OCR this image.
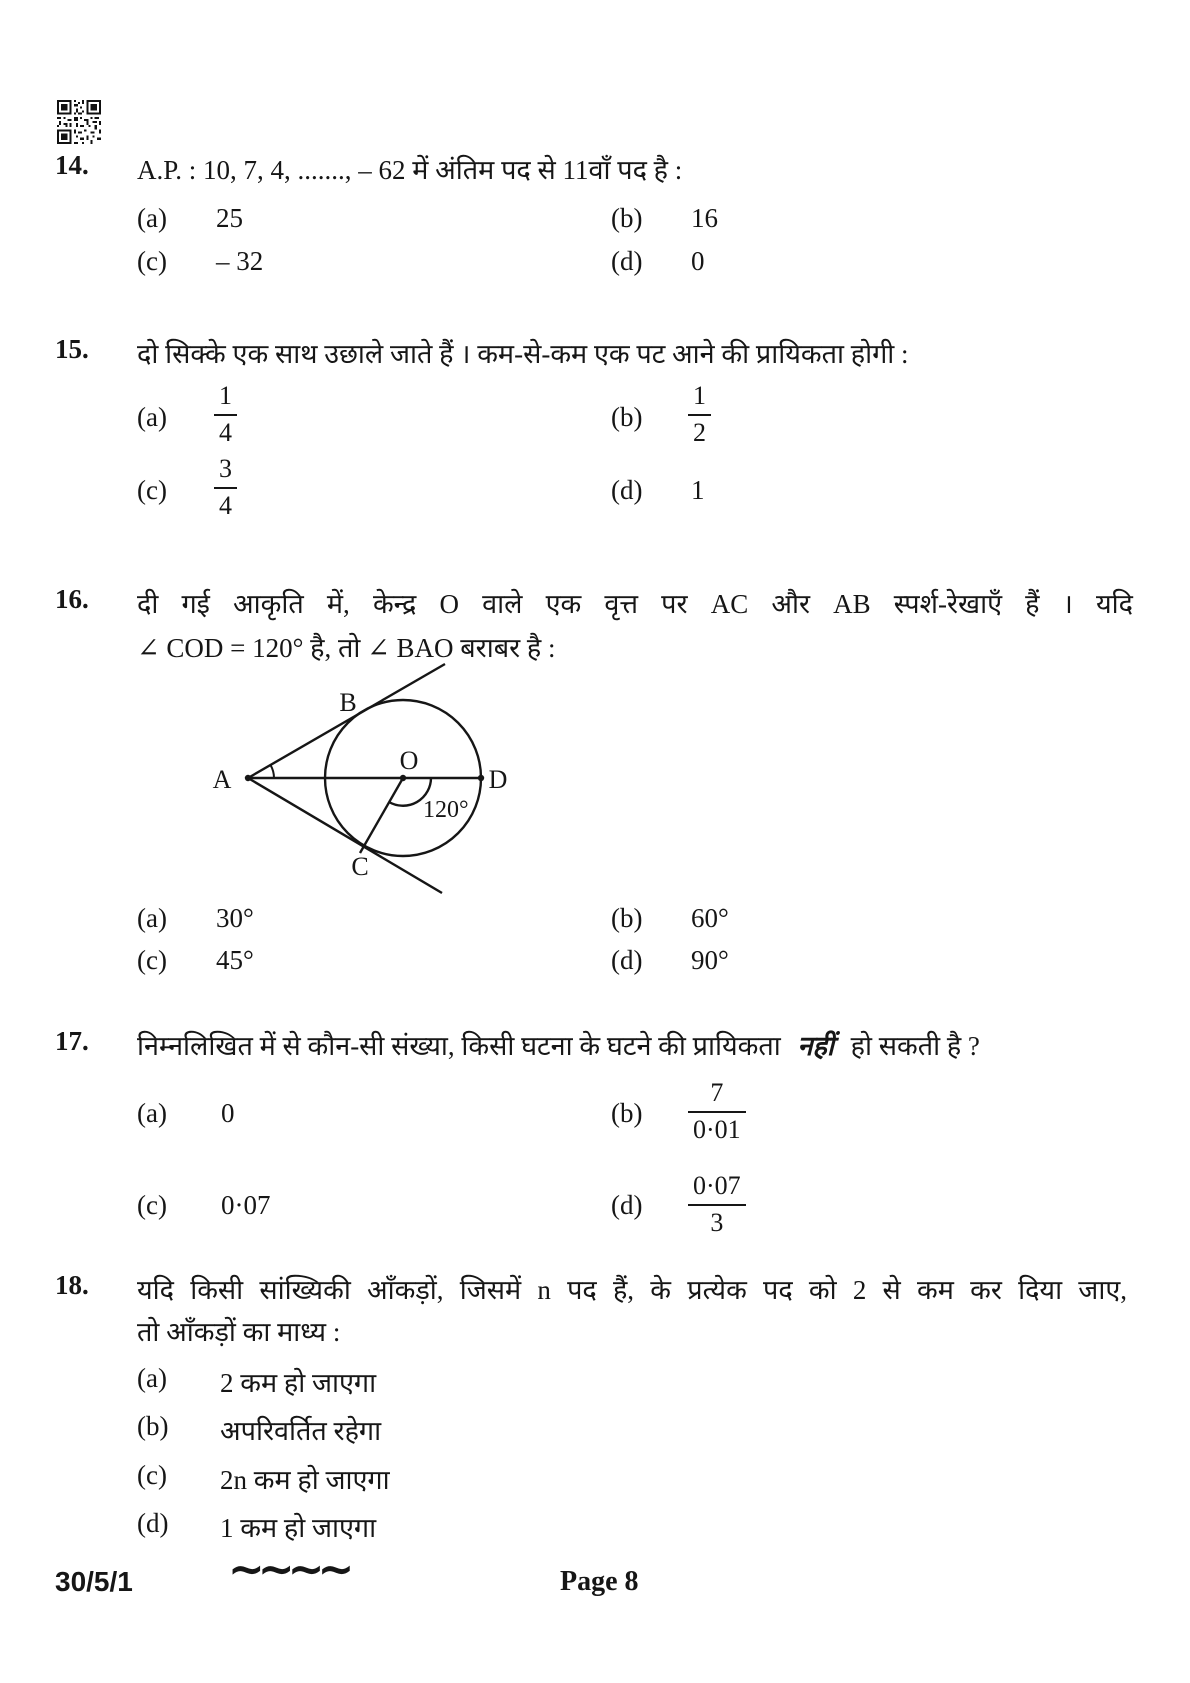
14. A.P. : 10, 7, 4, ......., – 62 में अंतिम पद से 11वाँ पद है :
(a) 25	(b) 16
(c) – 32	(d) 0
15. दो सिक्के एक साथ उछाले जाते हैं । कम-से-कम एक पट आने की प्रायिकता होगी :
$(a) \frac{1}{4}$	$(b) \frac{1}{2}$
$(c) \frac{3}{4}$	(d) 1
16. दी गई आकृति में, केन्द्र O वाले एक वृत्त पर AC और AB स्पर्श-रेखाएँ हैं । यदि
∠ COD = 120° है, तो ∠ BAO बराबर है :
A
B
C
D
O
120°
(a) 30°	(b) 60°
(c) 45°	(d) 90°
17. निम्नलिखित में से कौन-सी संख्या, किसी घटना के घटने की प्रायिकता नहीं हो सकती है ?
(a) 0	$(b) \frac{7}{0\cdot 01}$
(c) 0·07	$(d) \frac{0\cdot 07}{3}$
18. यदि किसी सांख्यिकी आँकड़ों, जिसमें n पद हैं, के प्रत्येक पद को 2 से कम कर दिया जाए,
तो आँकड़ों का माध्य :
(a) 2 कम हो जाएगा
(b) अपरिवर्तित रहेगा
(c) 2n कम हो जाएगा
(d) 1 कम हो जाएगा
30/5/1 ∼∼∼∼	Page 8
